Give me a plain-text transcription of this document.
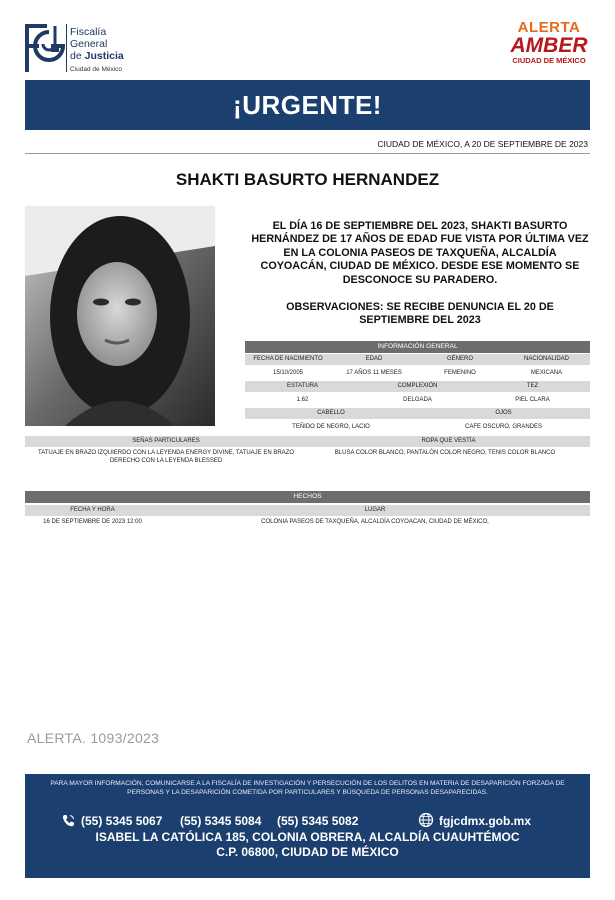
Fiscalía
General
de Justicia
Ciudad de México
ALERTA
AMBER
CIUDAD DE MÉXICO
¡URGENTE!
CIUDAD DE MÉXICO, A 20 DE SEPTIEMBRE DE 2023
SHAKTI BASURTO HERNANDEZ
EL DÍA 16 DE SEPTIEMBRE DEL 2023, SHAKTI BASURTO HERNÁNDEZ DE 17 AÑOS DE EDAD FUE VISTA POR ÚLTIMA VEZ EN LA COLONIA PASEOS DE TAXQUEÑA, ALCALDÍA COYOACÁN, CIUDAD DE MÉXICO. DESDE ESE MOMENTO SE DESCONOCE SU PARADERO.
OBSERVACIONES: SE RECIBE DENUNCIA EL 20 DE SEPTIEMBRE DEL 2023
INFORMACIÓN GENERAL
FECHA DE NACIMIENTO	EDAD	GÉNERO	NACIONALIDAD
15/10/2005	17 AÑOS 11 MESES	FEMENINO	MEXICANA
ESTATURA	COMPLEXIÓN	TEZ
1.62	DELGADA	PIEL CLARA
CABELLO	OJOS
TEÑIDO DE NEGRO, LACIO	CAFE OSCURO, GRANDES
SEÑAS PARTICULARES	ROPA QUE VESTÍA
TATUAJE EN BRAZO IZQUIERDO CON LA LEYENDA ENERGY DIVINE, TATUAJE EN BRAZO DERECHO CON LA LEYENDA BLESSED
BLUSA COLOR BLANCO, PANTALÓN COLOR NEGRO, TENIS COLOR BLANCO
HECHOS
FECHA Y HORA	LUGAR
16 DE SEPTIEMBRE DE 2023 12:00	COLONIA PASEOS DE TAXQUEÑA, ALCALDÍA COYOACAN, CIUDAD DE MÉXICO,
ALERTA. 1093/2023
PARA MAYOR INFORMACIÓN, COMUNICARSE A LA FISCALÍA DE INVESTIGACIÓN Y PERSECUCIÓN DE LOS DELITOS EN MATERIA DE DESAPARICIÓN FORZADA DE PERSONAS Y LA DESAPARICIÓN COMETIDA POR PARTICULARES Y BÚSQUEDA DE PERSONAS DESAPARECIDAS.
(55) 5345 5067 (55) 5345 5084 (55) 5345 5082	fgjcdmx.gob.mx
ISABEL LA CATÓLICA 185, COLONIA OBRERA, ALCALDÍA CUAUHTÉMOC
C.P. 06800, CIUDAD DE MÉXICO
